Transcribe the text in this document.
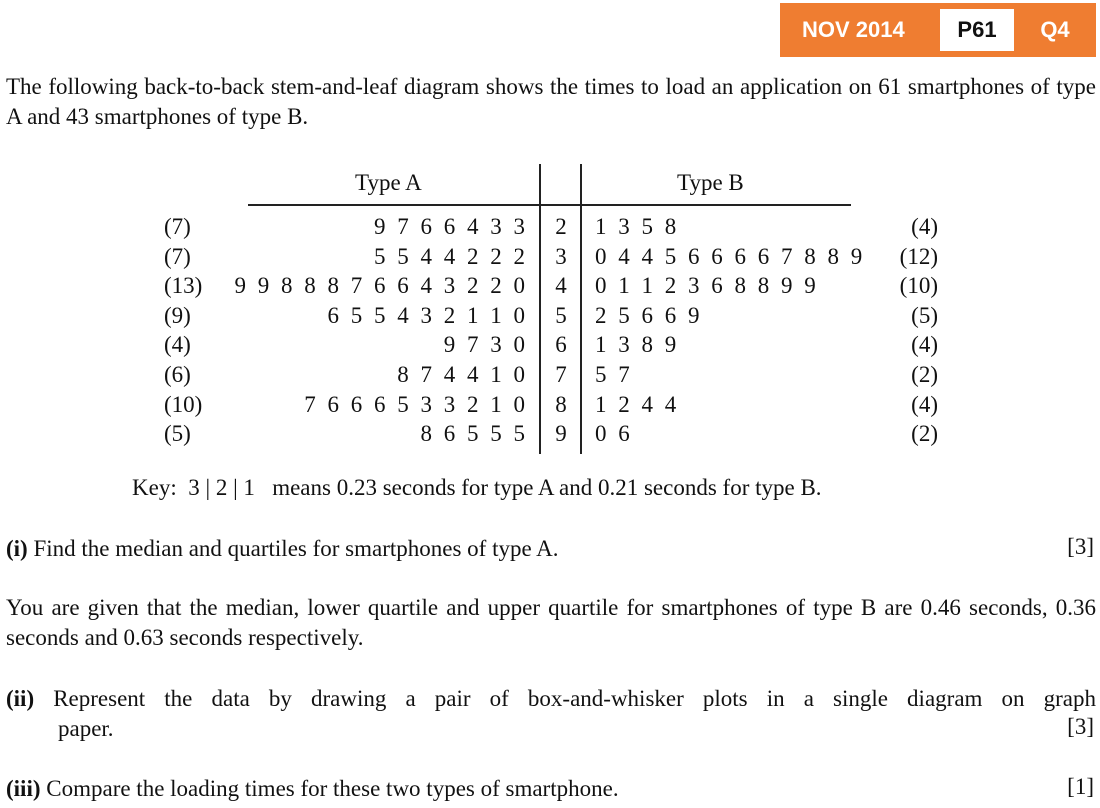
NOV 2014	P61	Q4
The following back-to-back stem-and-leaf diagram shows the times to load an application on 61 smartphones of type A and 43 smartphones of type B.
Type A	Type B
(7)	9 7 6 6 4 3 3	2	1 3 5 8	(4)
(7)	5 5 4 4 2 2 2	3	0 4 4 5 6 6 6 6 7 8 8 9 (12)
(13) 9 9 8 8 8 7 6 6 4 3 2 2 0	4	0 1 1 2 3 6 8 8 9 9	(10)
(9)	6 5 5 4 3 2 1 1 0	5	2 5 6 6 9	(5)
(4)	9 7 3 0	6	1 3 8 9	(4)
(6)	8 7 4 4 1 0	7	5 7	(2)
(10)	7 6 6 6 5 3 3 2 1 0	8	1 2 4 4	(4)
(5)	8 6 5 5 5	9	0 6	(2)
Key: 3 | 2 | 1 means 0.23 seconds for type A and 0.21 seconds for type B.
(i) Find the median and quartiles for smartphones of type A.	[3]
You are given that the median, lower quartile and upper quartile for smartphones of type B are 0.46 seconds, 0.36 seconds and 0.63 seconds respectively.
(ii) Represent the data by drawing a pair of box-and-whisker plots in a single diagram on graph
paper.	[3]
(iii) Compare the loading times for these two types of smartphone.	[1]
